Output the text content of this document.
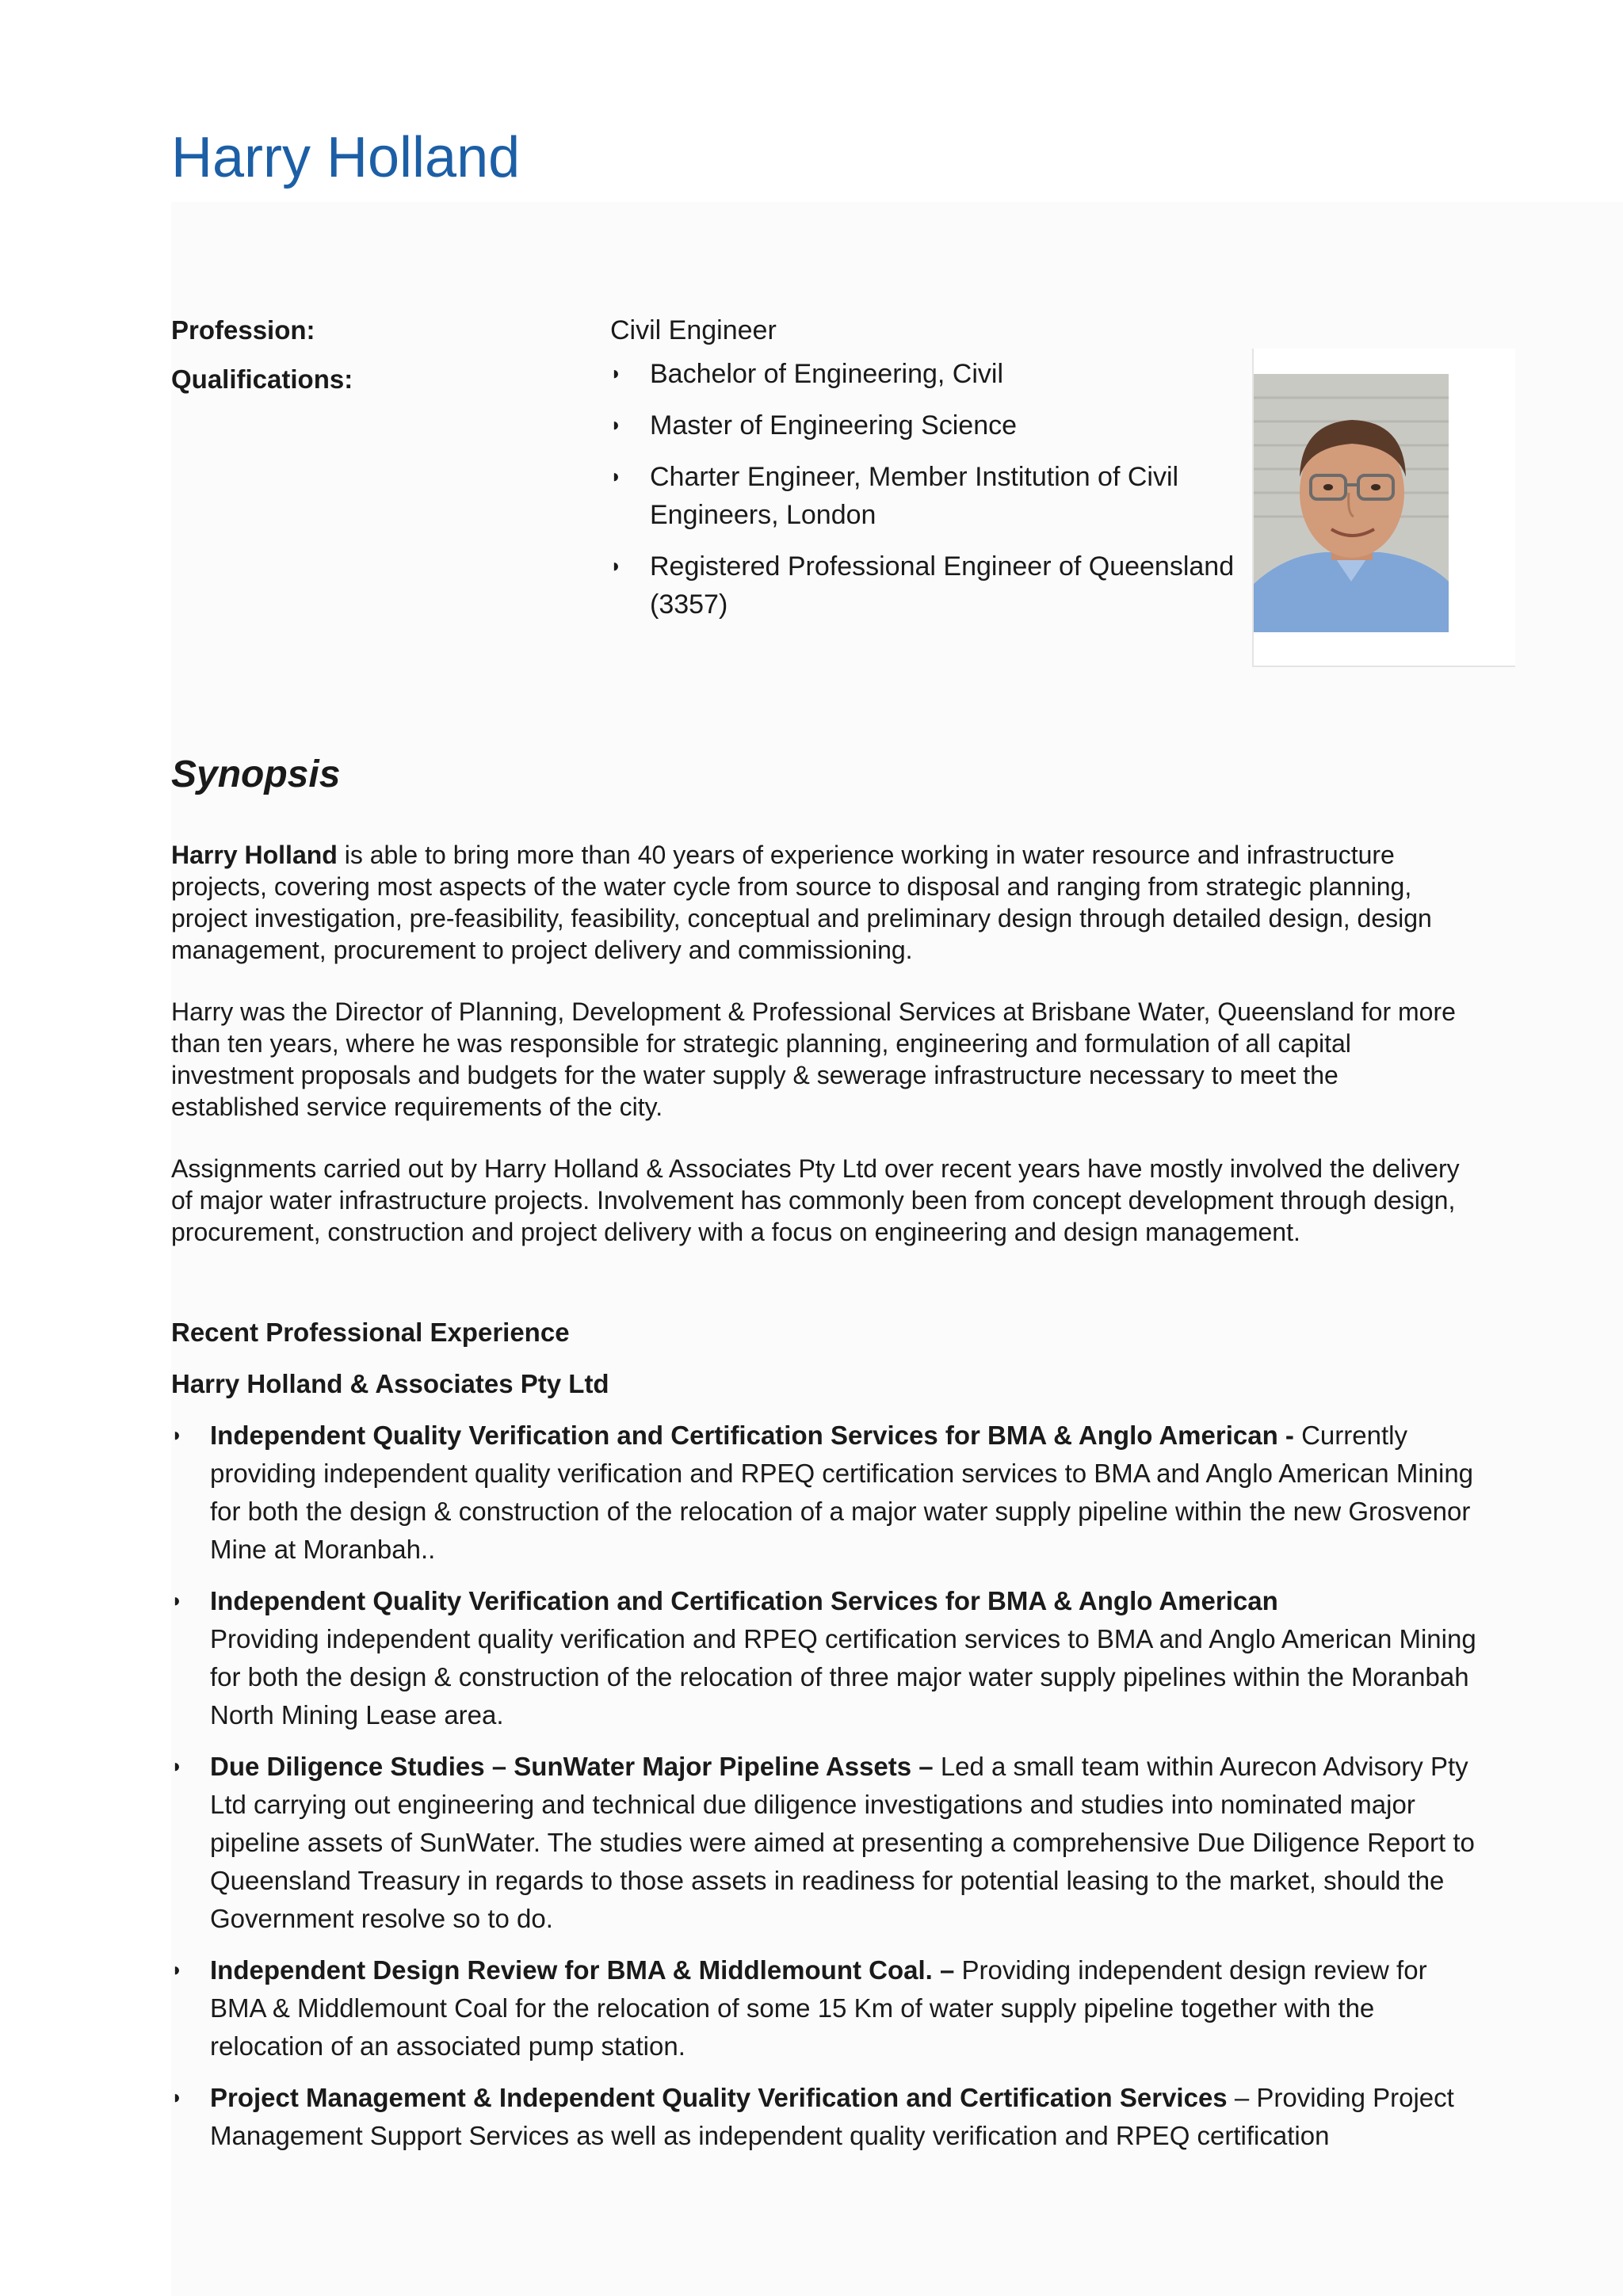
Harry Holland
Profession:	Civil Engineer
Qualifications:	◗ Bachelor of Engineering, Civil
◗ Master of Engineering Science
◗ Charter Engineer, Member Institution of Civil Engineers, London
◗ Registered Professional Engineer of Queensland (3357)
Synopsis

Harry Holland is able to bring more than 40 years of experience working in water resource and infrastructure projects, covering most aspects of the water cycle from source to disposal and ranging from strategic planning, project investigation, pre-feasibility, feasibility, conceptual and preliminary design through detailed design, design management, procurement to project delivery and commissioning.

Harry was the Director of Planning, Development & Professional Services at Brisbane Water, Queensland for more than ten years, where he was responsible for strategic planning, engineering and formulation of all capital investment proposals and budgets for the water supply & sewerage infrastructure necessary to meet the established service requirements of the city.

Assignments carried out by Harry Holland & Associates Pty Ltd over recent years have mostly involved the delivery of major water infrastructure projects. Involvement has commonly been from concept development through design, procurement, construction and project delivery with a focus on engineering and design management.

Recent Professional Experience
Harry Holland & Associates Pty Ltd
◗ Independent Quality Verification and Certification Services for BMA & Anglo American - Currently providing independent quality verification and RPEQ certification services to BMA and Anglo American Mining for both the design & construction of the relocation of a major water supply pipeline within the new Grosvenor Mine at Moranbah..
◗ Independent Quality Verification and Certification Services for BMA & Anglo American
Providing independent quality verification and RPEQ certification services to BMA and Anglo American Mining for both the design & construction of the relocation of three major water supply pipelines within the Moranbah North Mining Lease area.
◗ Due Diligence Studies – SunWater Major Pipeline Assets – Led a small team within Aurecon Advisory Pty Ltd carrying out engineering and technical due diligence investigations and studies into nominated major pipeline assets of SunWater. The studies were aimed at presenting a comprehensive Due Diligence Report to Queensland Treasury in regards to those assets in readiness for potential leasing to the market, should the Government resolve so to do.
◗ Independent Design Review for BMA & Middlemount Coal. – Providing independent design review for BMA & Middlemount Coal for the relocation of some 15 Km of water supply pipeline together with the relocation of an associated pump station.
◗ Project Management & Independent Quality Verification and Certification Services – Providing Project Management Support Services as well as independent quality verification and RPEQ certification
